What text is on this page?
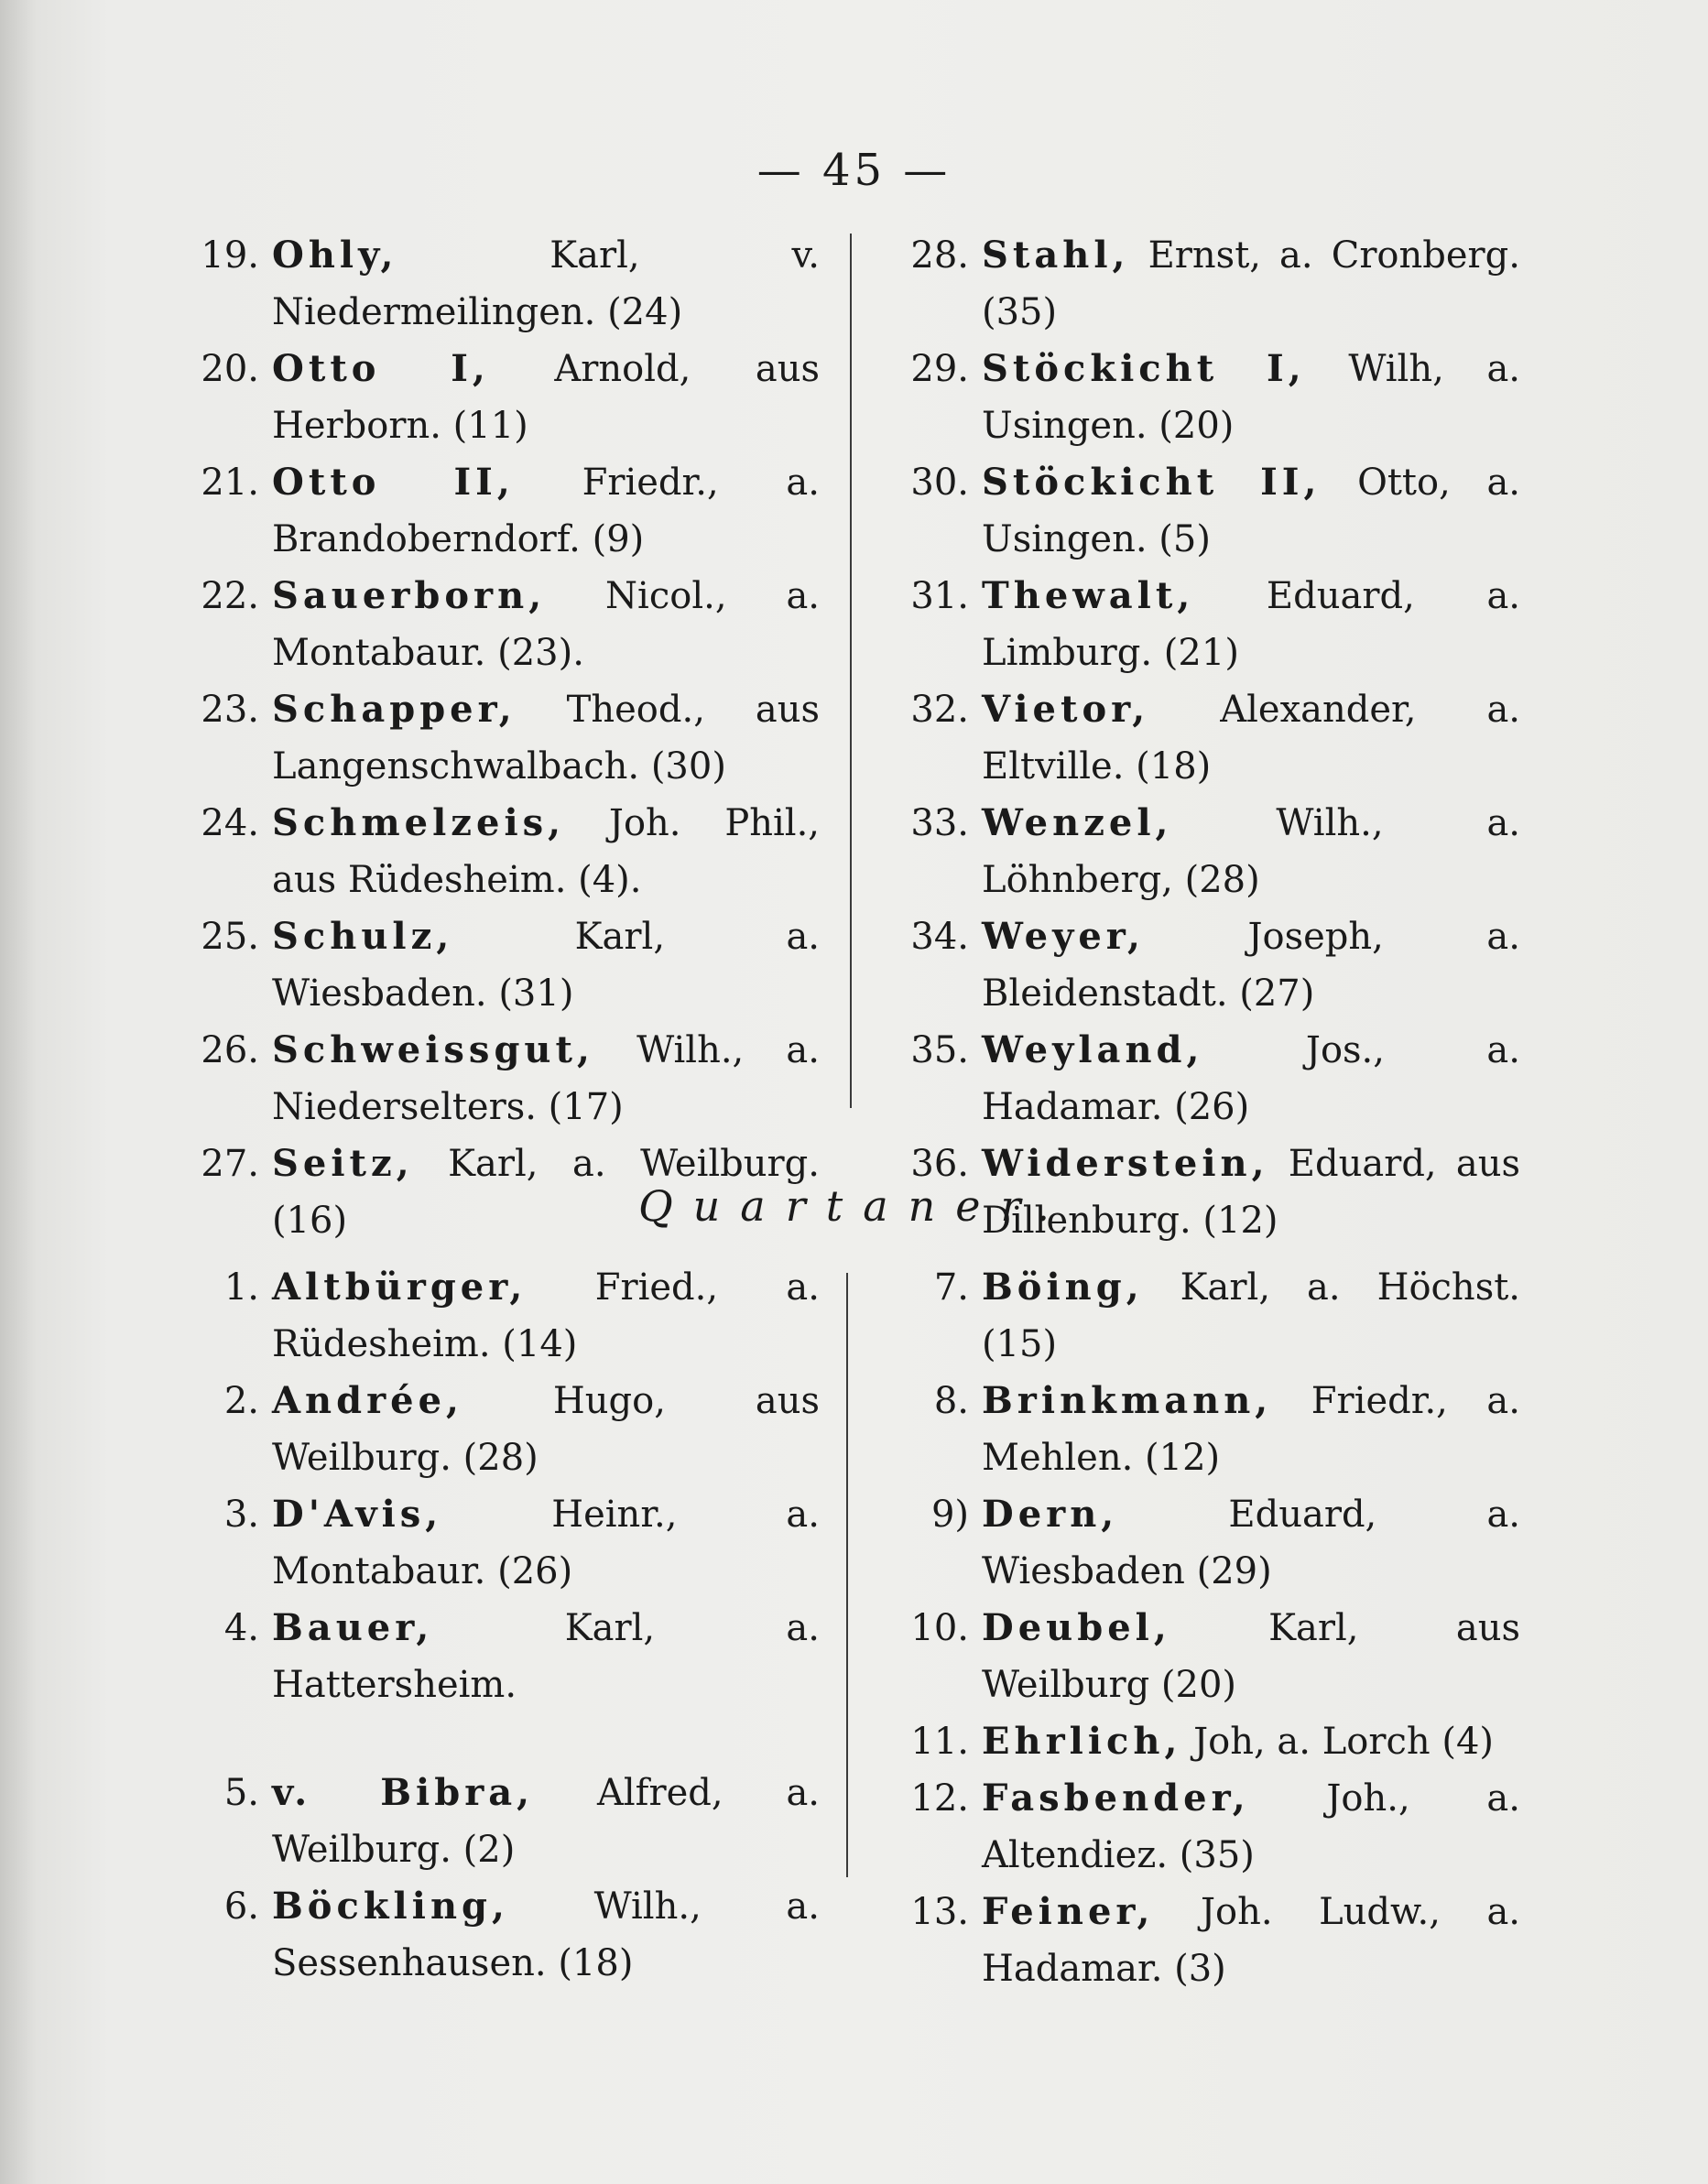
— 45 —
19. Ohly,	Karl, v. Niedermeilingen. (24)
20. Otto I, Arnold, aus Herborn. (11)
21. Otto II, Friedr., a. Brandoberndorf. (9)
22. Sauerborn, Nicol., a. Montabaur. (23).
23. Schapper, Theod., aus Langenschwalbach. (30)
24. Schmelzeis, Joh. Phil., aus Rüdesheim. (4).
25. Schulz,	Karl, a. Wiesbaden. (31)
26. Schweissgut, Wilh., a. Niederselters. (17)
27. Seitz, Karl, a. Weilburg. (16)
28. Stahl, Ernst, a. Cronberg. (35)
29. Stöckicht I, Wilh, a. Usingen. (20)
30. Stöckicht II, Otto, a. Usingen. (5)
31. Thewalt, Eduard, a. Limburg. (21)
32. Vietor, Alexander, a. Eltville. (18)
33. Wenzel,	Wilh., a. Löhnberg, (28)
34. Weyer,	Joseph, a. Bleidenstadt. (27)
35. Weyland,	Jos., a. Hadamar. (26)
36. Widerstein, Eduard, aus Dillenburg. (12)
Quartaner.
1. Altbürger, Fried., a. Rüdesheim. (14)
2. Andrée, Hugo, aus Weilburg. (28)
3. D'Avis,	Heinr., a. Montabaur. (26)
4. Bauer,	Karl, a. Hattersheim.
5. v. Bibra, Alfred, a. Weilburg. (2)
6. Böckling, Wilh., a. Sessenhausen. (18)
7. Böing, Karl, a. Höchst. (15)
8. Brinkmann, Friedr., a. Mehlen. (12)
9) Dern,	Eduard, a. Wiesbaden (29)
10. Deubel,	Karl, aus Weilburg (20)
11. Ehrlich, Joh, a. Lorch (4)
12. Fasbender, Joh., a. Altendiez. (35)
13. Feiner, Joh. Ludw., a. Hadamar. (3)
